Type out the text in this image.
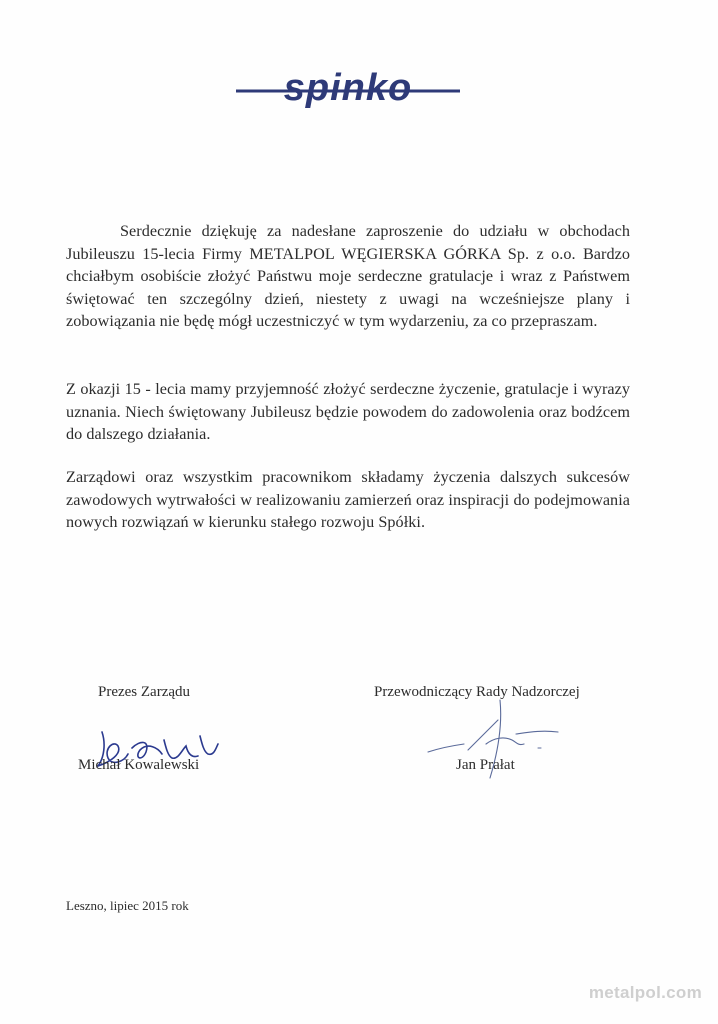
spinko

Serdecznie dziękuję za nadesłane zaproszenie do udziału w obchodach Jubileuszu 15-lecia Firmy METALPOL WĘGIERSKA GÓRKA Sp. z o.o. Bardzo chciałbym osobiście złożyć Państwu moje serdeczne gratulacje i wraz z Państwem świętować ten szczególny dzień, niestety z uwagi na wcześniejsze plany i zobowiązania nie będę mógł uczestniczyć w tym wydarzeniu, za co przepraszam.

Z okazji 15 - lecia mamy przyjemność złożyć serdeczne życzenie, gratulacje i wyrazy uznania. Niech świętowany Jubileusz będzie powodem do zadowolenia oraz bodźcem do dalszego działania.

Zarządowi oraz wszystkim pracownikom składamy życzenia dalszych sukcesów zawodowych wytrwałości w realizowaniu zamierzeń oraz inspiracji do podejmowania nowych rozwiązań w kierunku stałego rozwoju Spółki.

Prezes Zarządu
Michał Kowalewski
Przewodniczący Rady Nadzorczej
Jan Prałat
Leszno, lipiec 2015 rok
metalpol.com
